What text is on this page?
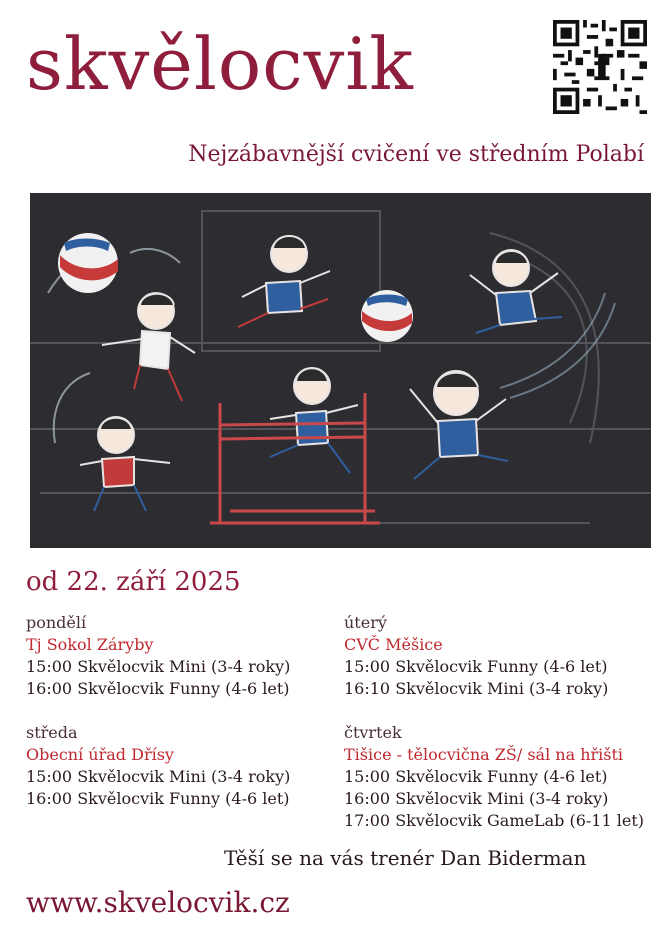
skvělocvik
Nejzábavnější cvičení ve středním Polabí
od 22. září 2025
pondělí
Tj Sokol Záryby
15:00 Skvělocvik Mini (3-4 roky)
16:00 Skvělocvik Funny (4-6 let)
středa
Obecní úřad Dřísy
15:00 Skvělocvik Mini (3-4 roky)
16:00 Skvělocvik Funny (4-6 let)
úterý
CVČ Měšice
15:00 Skvělocvik Funny (4-6 let)
16:10 Skvělocvik Mini (3-4 roky)
čtvrtek
Tišice - tělocvična ZŠ/ sál na hřišti
15:00 Skvělocvik Funny (4-6 let)
16:00 Skvělocvik Mini (3-4 roky)
17:00 Skvělocvik GameLab (6-11 let)
Těší se na vás trenér Dan Biderman
www.skvelocvik.cz
